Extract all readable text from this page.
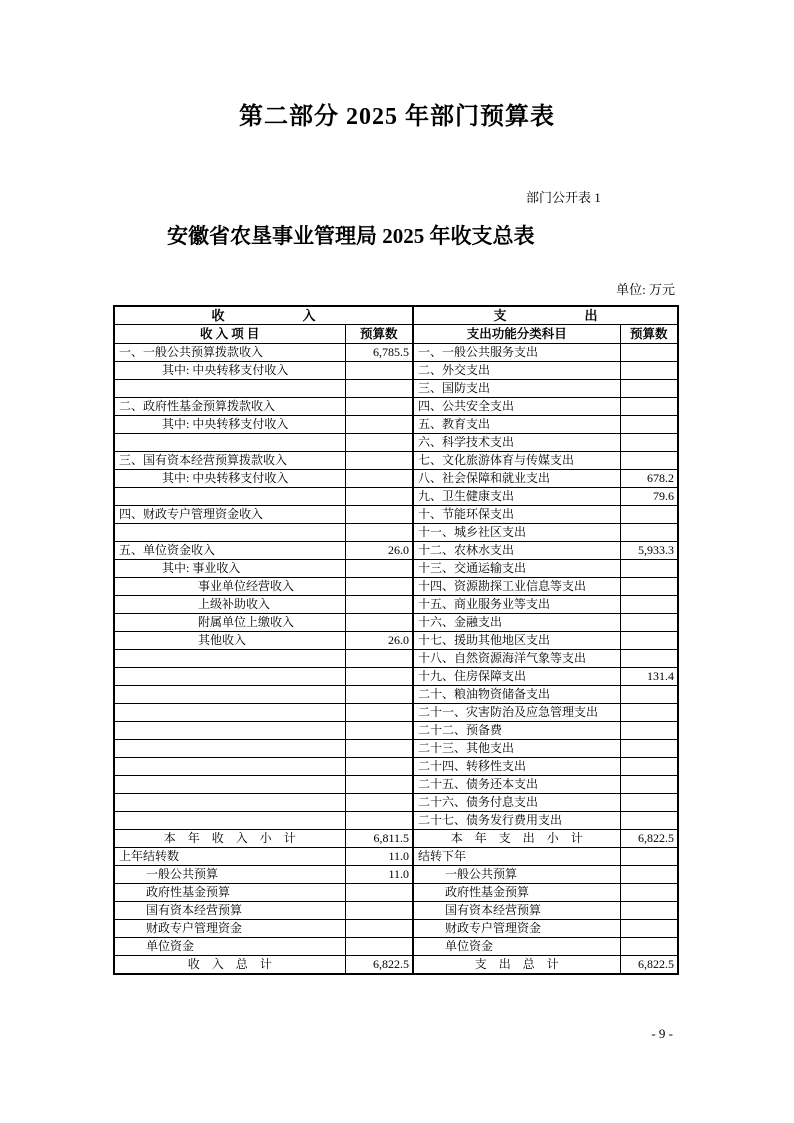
第二部分 2025 年部门预算表
部门公开表 1
安徽省农垦事业管理局 2025 年收支总表
单位: 万元
收　　　　　　入		支　　　　　　出	
收 入 项 目	预算数	支出功能分类科目	预算数
一、一般公共预算拨款收入	6,785.5	一、一般公共服务支出	
其中: 中央转移支付收入		二、外交支出	
		三、国防支出	
二、政府性基金预算拨款收入		四、公共安全支出	
其中: 中央转移支付收入		五、教育支出	
		六、科学技术支出	
三、国有资本经营预算拨款收入		七、文化旅游体育与传媒支出	
其中: 中央转移支付收入		八、社会保障和就业支出	678.2
		九、卫生健康支出	79.6
四、财政专户管理资金收入		十、节能环保支出	
		十一、城乡社区支出	
五、单位资金收入	26.0	十二、农林水支出	5,933.3
其中: 事业收入		十三、交通运输支出	
事业单位经营收入		十四、资源勘探工业信息等支出	
上级补助收入		十五、商业服务业等支出	
附属单位上缴收入		十六、金融支出	
其他收入	26.0	十七、援助其他地区支出	
		十八、自然资源海洋气象等支出	
		十九、住房保障支出	131.4
		二十、粮油物资储备支出	
		二十一、灾害防治及应急管理支出	
		二十二、预备费	
		二十三、其他支出	
		二十四、转移性支出	
		二十五、债务还本支出	
		二十六、债务付息支出	
		二十七、债务发行费用支出	
本　年　收　入　小　计	6,811.5	本　年　支　出　小　计	6,822.5
上年结转数	11.0	结转下年	
一般公共预算	11.0	一般公共预算	
政府性基金预算		政府性基金预算	
国有资本经营预算		国有资本经营预算	
财政专户管理资金		财政专户管理资金	
单位资金		单位资金	
收　入　总　计	6,822.5	支　出　总　计	6,822.5
- 9 -
